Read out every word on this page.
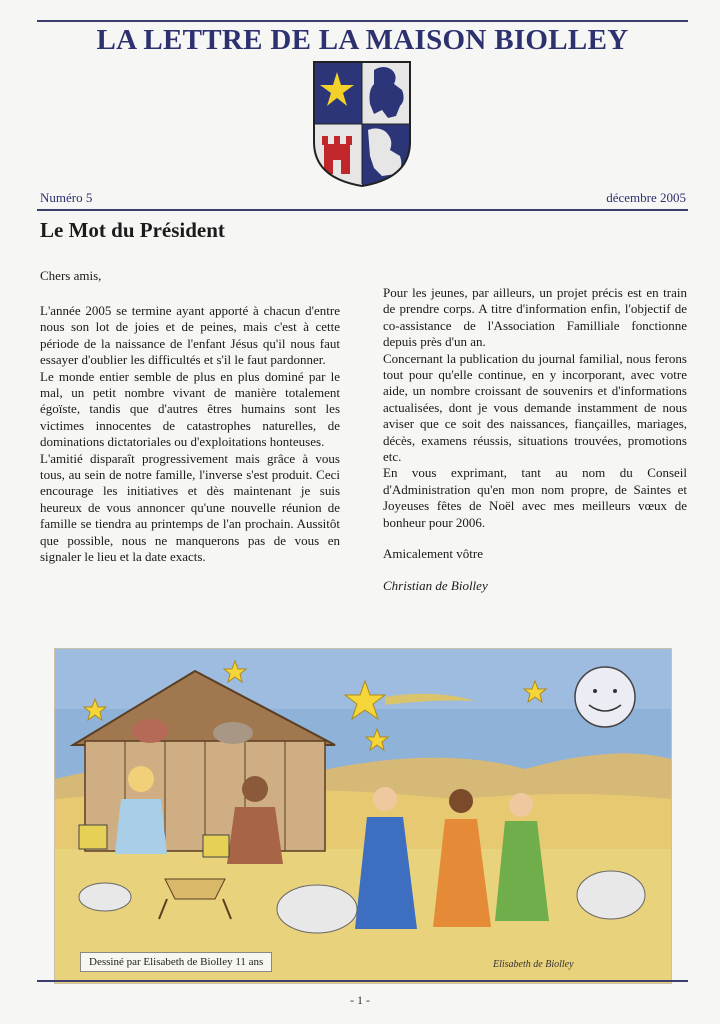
LA LETTRE DE LA MAISON BIOLLEY
Numéro 5	décembre 2005
Le Mot du Président
Chers amis,

L'année 2005 se termine ayant apporté à chacun d'entre nous son lot de joies et de peines, mais c'est à cette période de la naissance de l'enfant Jésus qu'il nous faut essayer d'oublier les difficultés et s'il le faut pardonner.

Le monde entier semble de plus en plus dominé par le mal, un petit nombre vivant de manière totalement égoïste, tandis que d'autres êtres humains sont les victimes innocentes de catastrophes naturelles, de dominations dictatoriales ou d'exploitations honteuses.

L'amitié disparaît progressivement mais grâce à vous tous, au sein de notre famille, l'inverse s'est produit. Ceci encourage les initiatives et dès maintenant je suis heureux de vous annoncer qu'une nouvelle réunion de famille se tiendra au printemps de l'an prochain. Aussitôt que possible, nous ne manquerons pas de vous en signaler le lieu et la date exacts.

Pour les jeunes, par ailleurs, un projet précis est en train de prendre corps. A titre d'information enfin, l'objectif de co-assistance de l'Association Familliale fonctionne depuis près d'un an.

Concernant la publication du journal familial, nous ferons tout pour qu'elle continue, en y incorporant, avec votre aide, un nombre croissant de souvenirs et d'informations actualisées, dont je vous demande instamment de nous aviser que ce soit des naissances, fiançailles, mariages, décès, examens réussis, situations trouvées, promotions etc.

En vous exprimant, tant au nom du Conseil d'Administration qu'en mon nom propre, de Saintes et Joyeuses fêtes de Noël avec mes meilleurs vœux de bonheur pour 2006.

Amicalement vôtre

Christian de Biolley

Elisabeth de Biolley
Dessiné par Elisabeth de Biolley 11 ans
- 1 -
